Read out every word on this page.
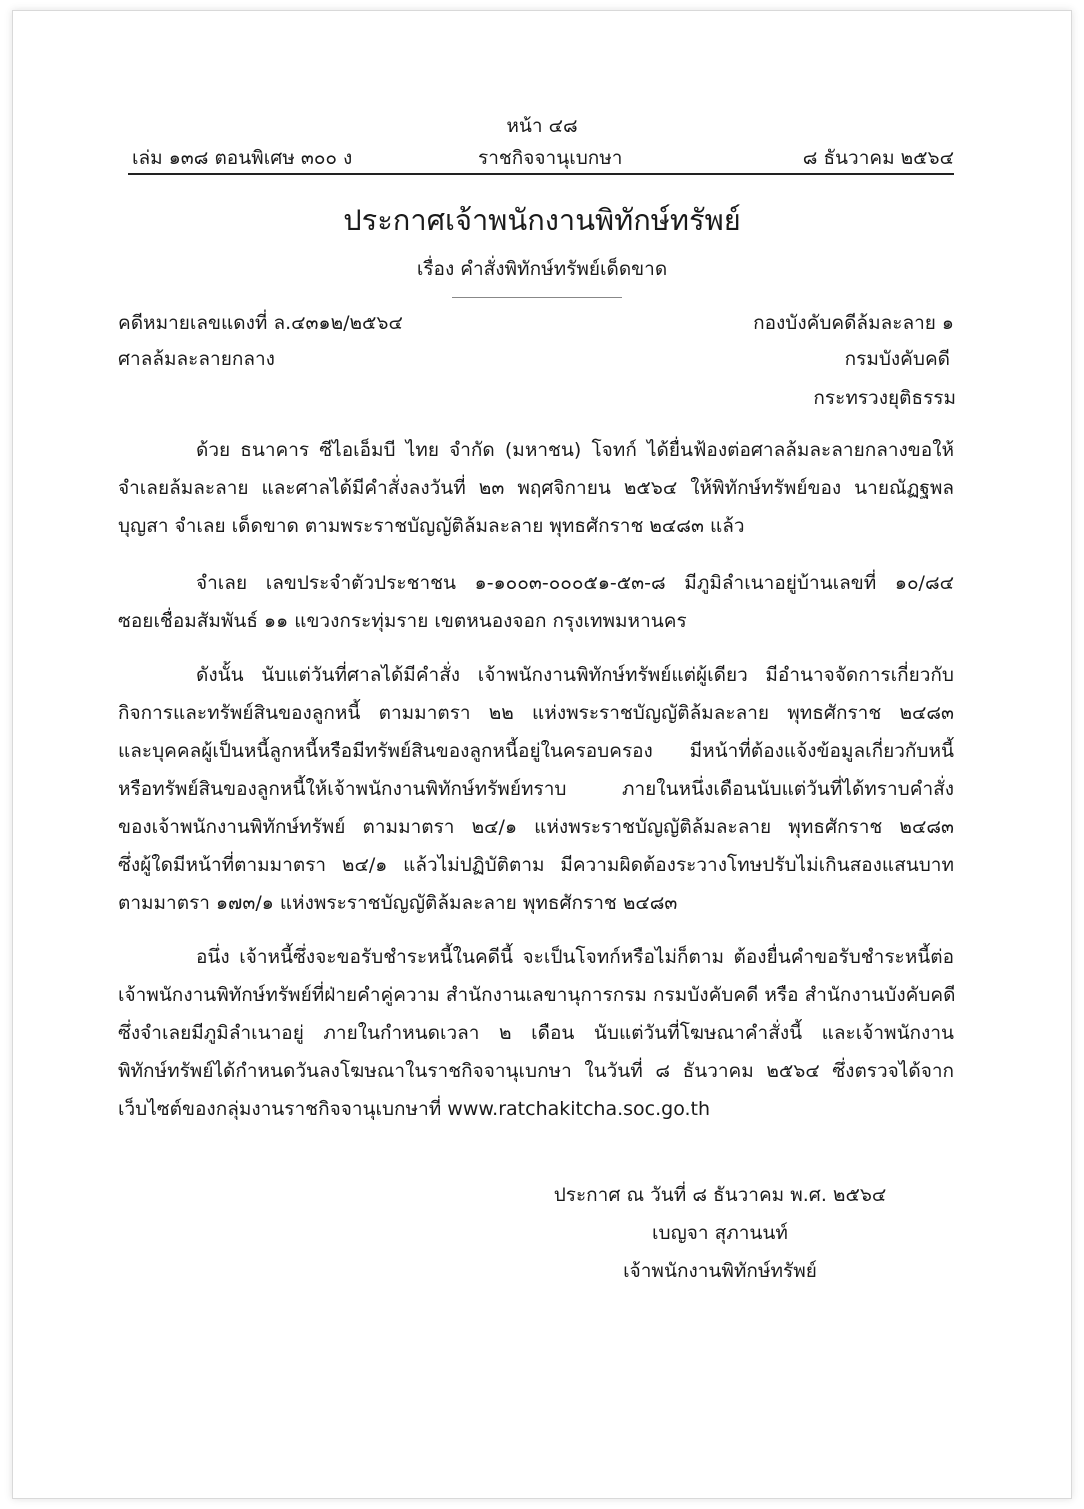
หน้า ๔๘
เล่ม ๑๓๘ ตอนพิเศษ ๓๐๐ ง	ราชกิจจานุเบกษา	๘ ธันวาคม ๒๕๖๔
ประกาศเจ้าพนักงานพิทักษ์ทรัพย์
เรื่อง คำสั่งพิทักษ์ทรัพย์เด็ดขาด
คดีหมายเลขแดงที่ ล.๔๓๑๒/๒๕๖๔
ศาลล้มละลายกลาง
กองบังคับคดีล้มละลาย ๑
กรมบังคับคดี
กระทรวงยุติธรรม
ด้วย ธนาคาร ซีไอเอ็มบี ไทย จำกัด (มหาชน) โจทก์ ได้ยื่นฟ้องต่อศาลล้มละลายกลางขอให้
จำเลยล้มละลาย และศาลได้มีคำสั่งลงวันที่ ๒๓ พฤศจิกายน ๒๕๖๔ ให้พิทักษ์ทรัพย์ของ นายณัฏฐพล
บุญสา จำเลย เด็ดขาด ตามพระราชบัญญัติล้มละลาย พุทธศักราช ๒๔๘๓ แล้ว
จำเลย เลขประจำตัวประชาชน ๑-๑๐๐๓-๐๐๐๕๑-๕๓-๘ มีภูมิลำเนาอยู่บ้านเลขที่ ๑๐/๘๔
ซอยเชื่อมสัมพันธ์ ๑๑ แขวงกระทุ่มราย เขตหนองจอก กรุงเทพมหานคร
ดังนั้น นับแต่วันที่ศาลได้มีคำสั่ง เจ้าพนักงานพิทักษ์ทรัพย์แต่ผู้เดียว มีอำนาจจัดการเกี่ยวกับ
กิจการและทรัพย์สินของลูกหนี้ ตามมาตรา ๒๒ แห่งพระราชบัญญัติล้มละลาย พุทธศักราช ๒๔๘๓
และบุคคลผู้เป็นหนี้ลูกหนี้หรือมีทรัพย์สินของลูกหนี้อยู่ในครอบครอง มีหน้าที่ต้องแจ้งข้อมูลเกี่ยวกับหนี้
หรือทรัพย์สินของลูกหนี้ให้เจ้าพนักงานพิทักษ์ทรัพย์ทราบ ภายในหนึ่งเดือนนับแต่วันที่ได้ทราบคำสั่ง
ของเจ้าพนักงานพิทักษ์ทรัพย์ ตามมาตรา ๒๔/๑ แห่งพระราชบัญญัติล้มละลาย พุทธศักราช ๒๔๘๓
ซึ่งผู้ใดมีหน้าที่ตามมาตรา ๒๔/๑ แล้วไม่ปฏิบัติตาม มีความผิดต้องระวางโทษปรับไม่เกินสองแสนบาท
ตามมาตรา ๑๗๓/๑ แห่งพระราชบัญญัติล้มละลาย พุทธศักราช ๒๔๘๓
อนึ่ง เจ้าหนี้ซึ่งจะขอรับชำระหนี้ในคดีนี้ จะเป็นโจทก์หรือไม่ก็ตาม ต้องยื่นคำขอรับชำระหนี้ต่อ
เจ้าพนักงานพิทักษ์ทรัพย์ที่ฝ่ายคำคู่ความ สำนักงานเลขานุการกรม กรมบังคับคดี หรือ สำนักงานบังคับคดี
ซึ่งจำเลยมีภูมิลำเนาอยู่ ภายในกำหนดเวลา ๒ เดือน นับแต่วันที่โฆษณาคำสั่งนี้ และเจ้าพนักงาน
พิทักษ์ทรัพย์ได้กำหนดวันลงโฆษณาในราชกิจจานุเบกษา ในวันที่ ๘ ธันวาคม ๒๕๖๔ ซึ่งตรวจได้จาก
เว็บไซต์ของกลุ่มงานราชกิจจานุเบกษาที่ www.ratchakitcha.soc.go.th
ประกาศ ณ วันที่ ๘ ธันวาคม พ.ศ. ๒๕๖๔
เบญจา สุภานนท์
เจ้าพนักงานพิทักษ์ทรัพย์
